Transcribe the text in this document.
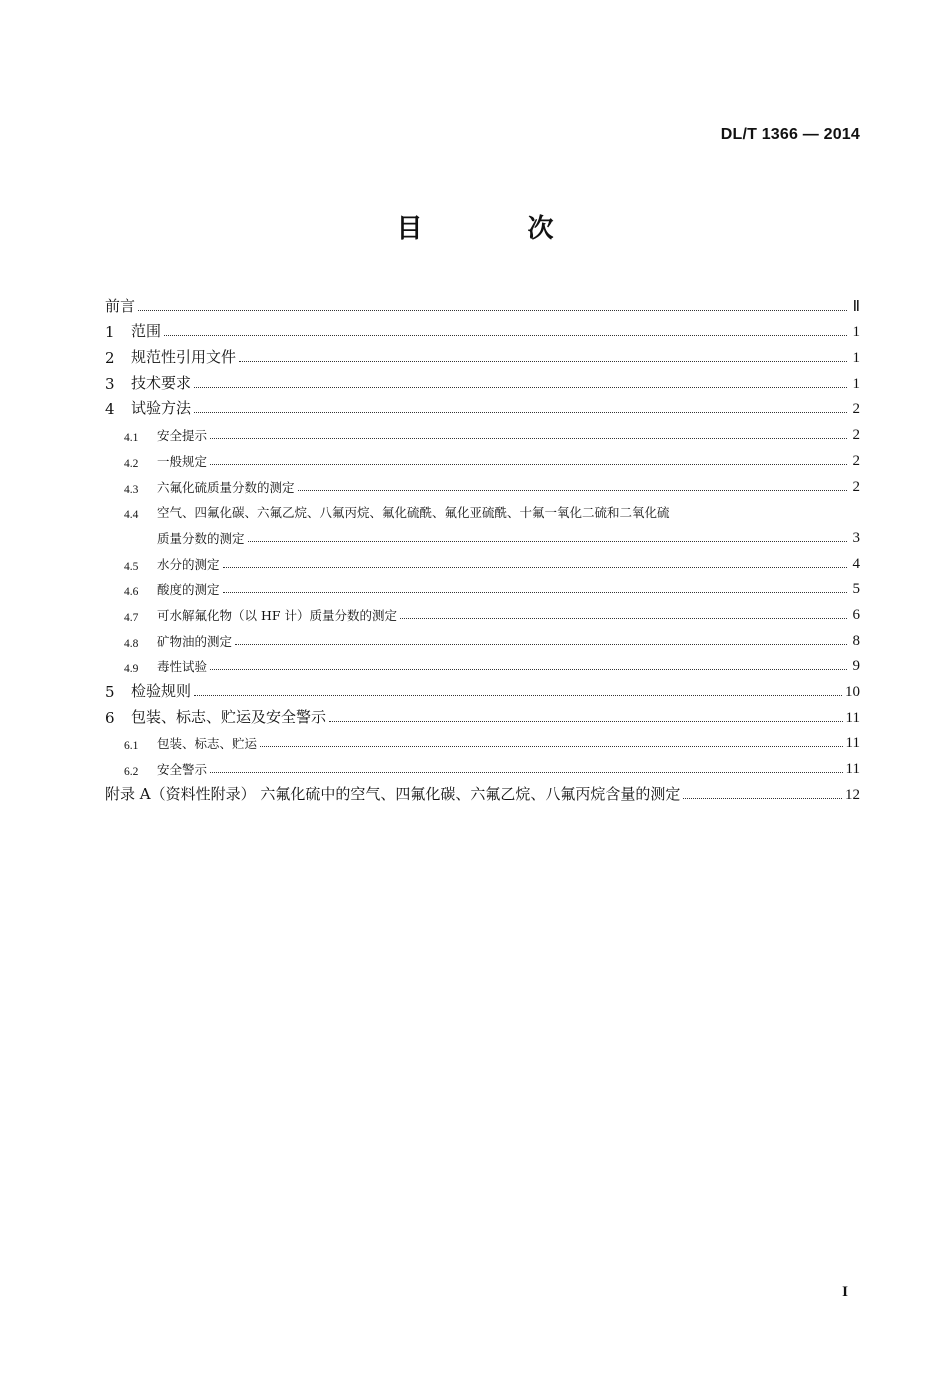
DL/T 1366 — 2014
目 次
前言	Ⅱ
1	范围	1
2	规范性引用文件	1
3	技术要求	1
4	试验方法	2
4.1	安全提示	2
4.2	一般规定	2
4.3	六氟化硫质量分数的测定	2
4.4	空气、四氟化碳、六氟乙烷、八氟丙烷、氟化硫酰、氟化亚硫酰、十氟一氧化二硫和二氧化硫
质量分数的测定	3
4.5	水分的测定	4
4.6	酸度的测定	5
4.7	可水解氟化物（以 HF 计）质量分数的测定	6
4.8	矿物油的测定	8
4.9	毒性试验	9
5	检验规则	10
6	包装、标志、贮运及安全警示	11
6.1	包装、标志、贮运	11
6.2	安全警示	11
附录 A（资料性附录） 六氟化硫中的空气、四氟化碳、六氟乙烷、八氟丙烷含量的测定	12
I
